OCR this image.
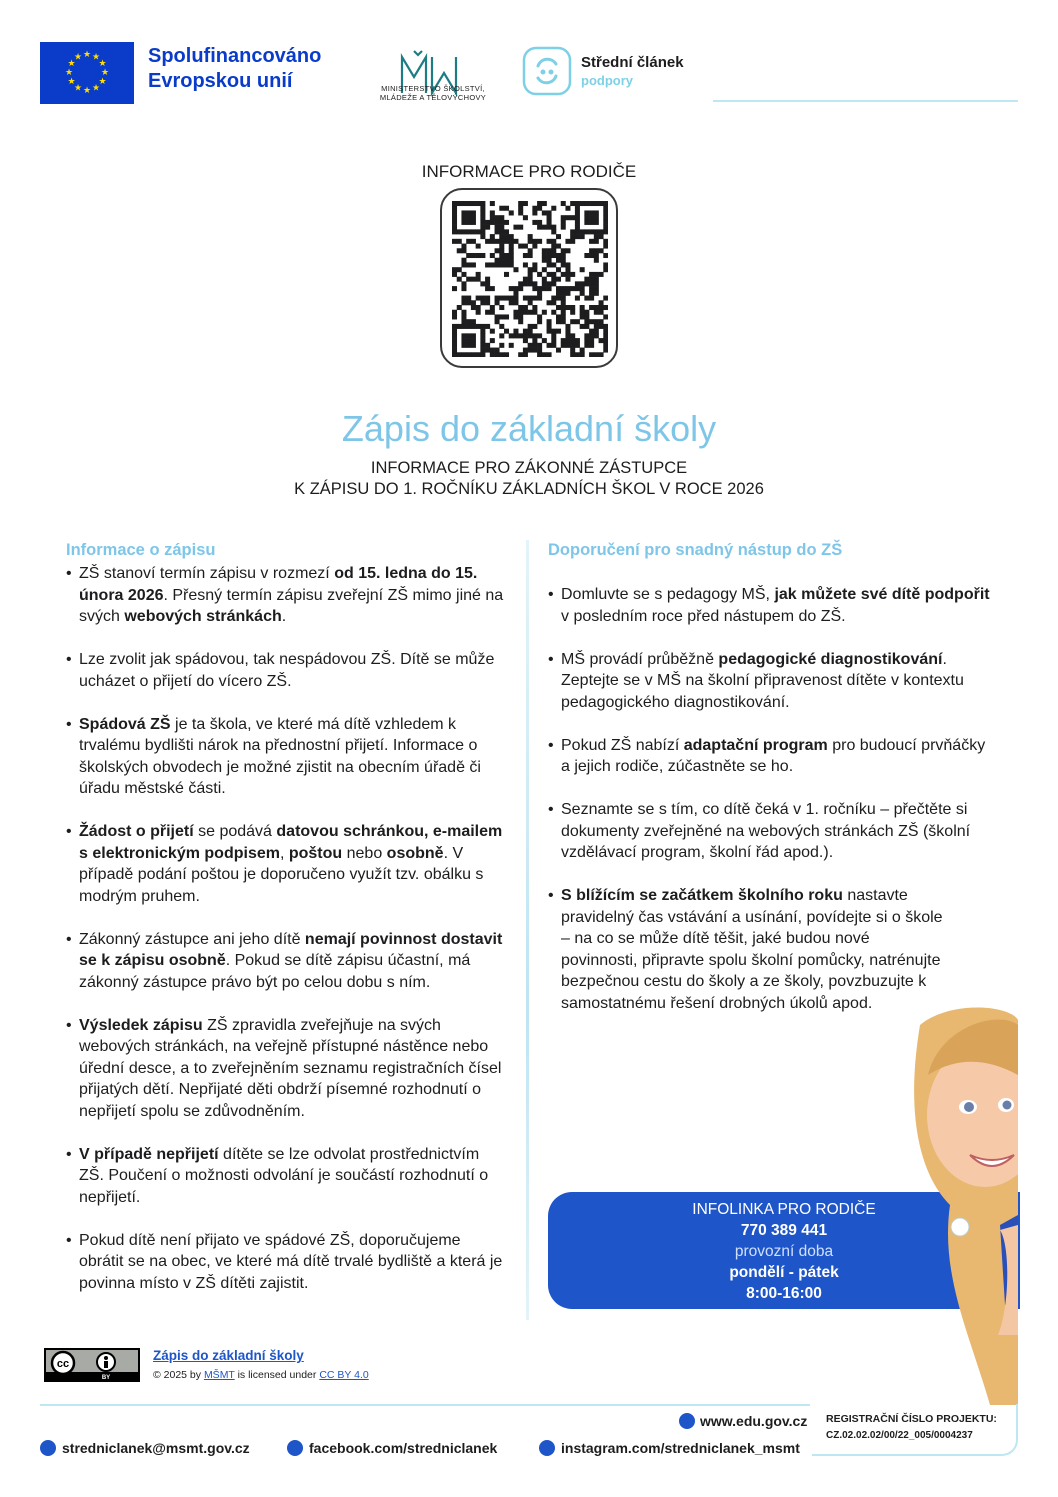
★ ★
★
★
★
★
★
★
★
★
★
★	Spolufinancováno
Evropskou unií	MINISTERSTVO ŠKOLSTVÍ,
MLÁDEŽE A TĚLOVÝCHOVY
Střední článek
podpory
INFORMACE PRO RODIČE
Zápis do základní školy
INFORMACE PRO ZÁKONNÉ ZÁSTUPCE
K ZÁPISU DO 1. ROČNÍKU ZÁKLADNÍCH ŠKOL V ROCE 2026
Informace o zápisu
• ZŠ stanoví termín zápisu v rozmezí od 15. ledna do 15. února 2026. Přesný termín zápisu zveřejní ZŠ mimo jiné na svých webových stránkách.
• Lze zvolit jak spádovou, tak nespádovou ZŠ. Dítě se může ucházet o přijetí do vícero ZŠ.
• Spádová ZŠ je ta škola, ve které má dítě vzhledem k trvalému bydlišti nárok na přednostní přijetí. Informace o školských obvodech je možné zjistit na obecním úřadě či úřadu městské části.
• Žádost o přijetí se podává datovou schránkou, e-mailem s elektronickým podpisem, poštou nebo osobně. V případě podání poštou je doporučeno využít tzv. obálku s modrým pruhem.
• Zákonný zástupce ani jeho dítě nemají povinnost dostavit se k zápisu osobně. Pokud se dítě zápisu účastní, má zákonný zástupce právo být po celou dobu s ním.
• Výsledek zápisu ZŠ zpravidla zveřejňuje na svých webových stránkách, na veřejně přístupné nástěnce nebo úřední desce, a to zveřejněním seznamu registračních čísel přijatých dětí. Nepřijaté děti obdrží písemné rozhodnutí o nepřijetí spolu se zdůvodněním.
• V případě nepřijetí dítěte se lze odvolat prostřednictvím ZŠ. Poučení o možnosti odvolání je součástí rozhodnutí o nepřijetí.
• Pokud dítě není přijato ve spádové ZŠ, doporučujeme obrátit se na obec, ve které má dítě trvalé bydliště a která je povinna místo v ZŠ dítěti zajistit.
Doporučení pro snadný nástup do ZŠ
• Domluvte se s pedagogy MŠ, jak můžete své dítě podpořit v posledním roce před nástupem do ZŠ.
• MŠ provádí průběžně pedagogické diagnostikování. Zeptejte se v MŠ na školní připravenost dítěte v kontextu pedagogického diagnostikování.
• Pokud ZŠ nabízí adaptační program pro budoucí prvňáčky a jejich rodiče, zúčastněte se ho.
• Seznamte se s tím, co dítě čeká v 1. ročníku – přečtěte si dokumenty zveřejněné na webových stránkách ZŠ (školní vzdělávací program, školní řád apod.).
• S blížícím se začátkem školního roku nastavte pravidelný čas vstávání a usínání, povídejte si o škole – na co se může dítě těšit, jaké budou nové povinnosti, připravte spolu školní pomůcky, natrénujte bezpečnou cestu do školy a ze školy, povzbuzujte k samostatnému řešení drobných úkolů apod.
INFOLINKA PRO RODIČE
770 389 441
provozní doba
pondělí - pátek
8:00-16:00
cc
BY
Zápis do základní školy
© 2025 by MŠMT is licensed under CC BY 4.0
www.edu.gov.cz REGISTRAČNÍ ČÍSLO PROJEKTU:
CZ.02.02.02/00/22_005/0004237
stredniclanek@msmt.gov.cz	facebook.com/stredniclanek	instagram.com/stredniclanek_msmt
